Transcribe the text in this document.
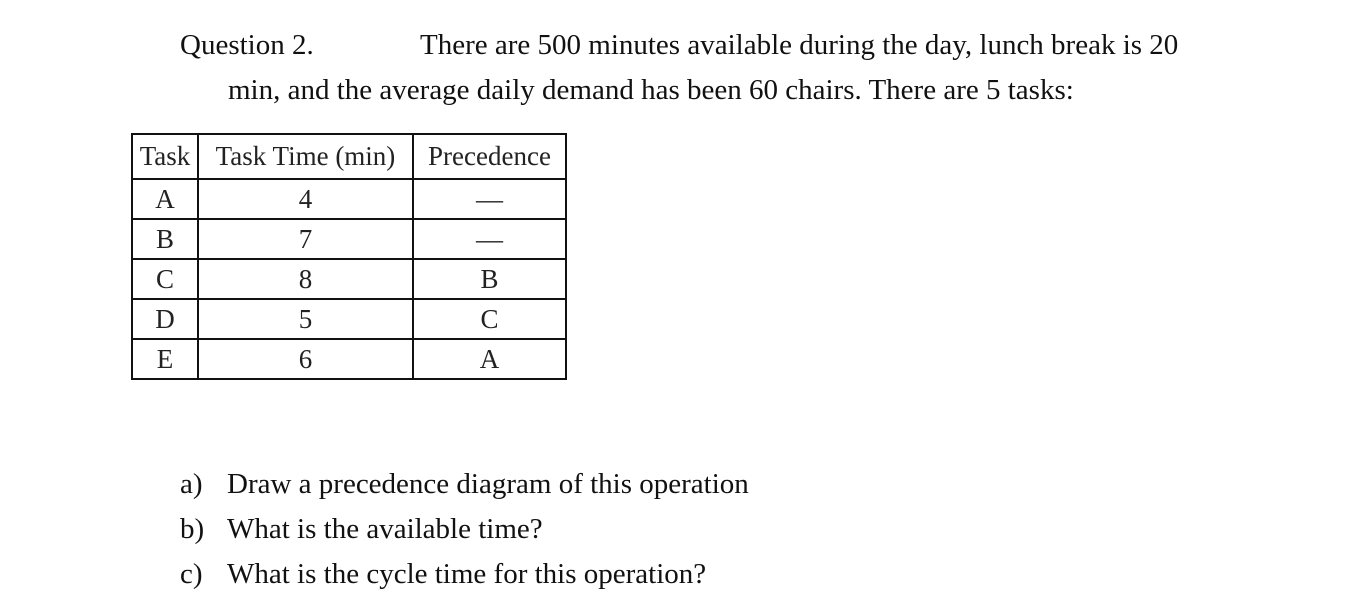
Question 2.	There are 500 minutes available during the day, lunch break is 20
min, and the average daily demand has been 60 chairs. There are 5 tasks:
Task	Task Time (min)	Precedence
A	4	—
B	7	—
C	8	B
D	5	C
E	6	A
a) Draw a precedence diagram of this operation
b) What is the available time?
c) What is the cycle time for this operation?
